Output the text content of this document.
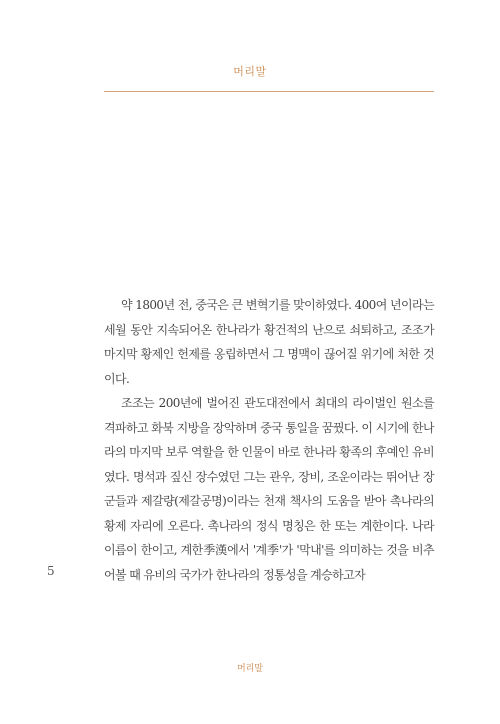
머리말

약 1800년 전, 중국은 큰 변혁기를 맞이하였다. 400여 년이라는 세월 동안 지속되어온 한나라가 황건적의 난으로 쇠퇴하고, 조조가 마지막 황제인 헌제를 옹립하면서 그 명맥이 끊어질 위기에 처한 것이다.

조조는 200년에 벌어진 관도대전에서 최대의 라이벌인 원소를 격파하고 화북 지방을 장악하며 중국 통일을 꿈꿨다. 이 시기에 한나라의 마지막 보루 역할을 한 인물이 바로 한나라 황족의 후예인 유비였다. 명석과 짚신 장수였던 그는 관우, 장비, 조운이라는 뛰어난 장군들과 제갈량(제갈공명)이라는 천재 책사의 도움을 받아 촉나라의 황제 자리에 오른다. 촉나라의 정식 명칭은 한 또는 계한이다. 나라 이름이 한이고, 계한季漢에서 '계季'가 '막내'를 의미하는 것을 비추어볼 때 유비의 국가가 한나라의 정통성을 계승하고자

5
머리말
